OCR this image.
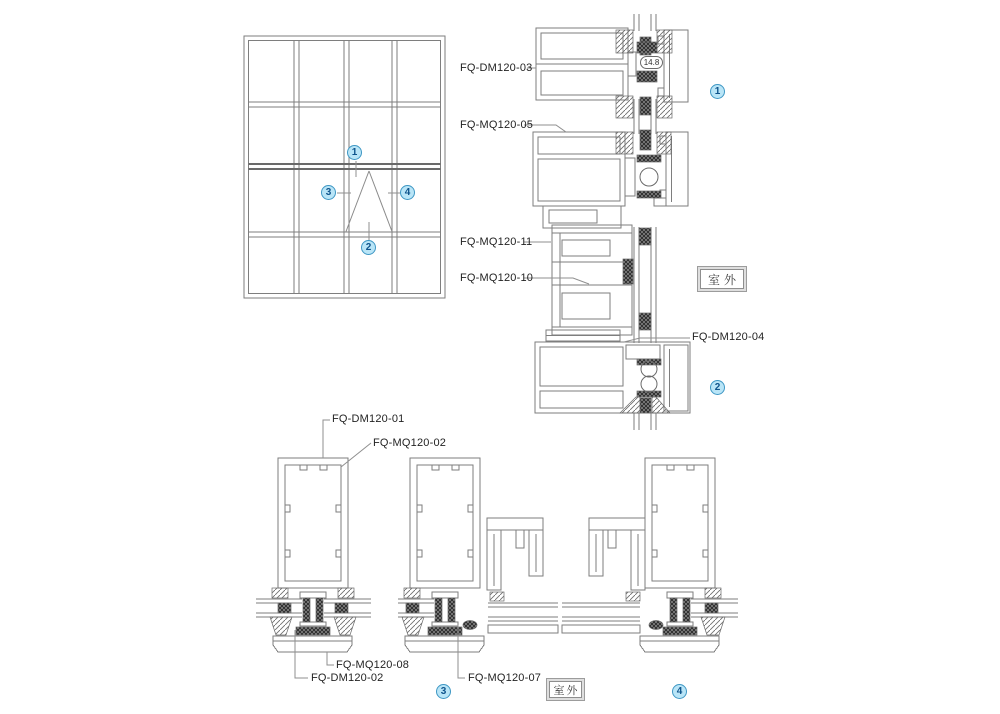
FQ-DM120-03
FQ-MQ120-05
FQ-MQ120-11
FQ-MQ120-10
FQ-DM120-04
FQ-DM120-01
FQ-MQ120-02
FQ-MQ120-08
FQ-DM120-02	FQ-MQ120-07
1
2
3	4
1
2
3	4
室外
室外
14.8
